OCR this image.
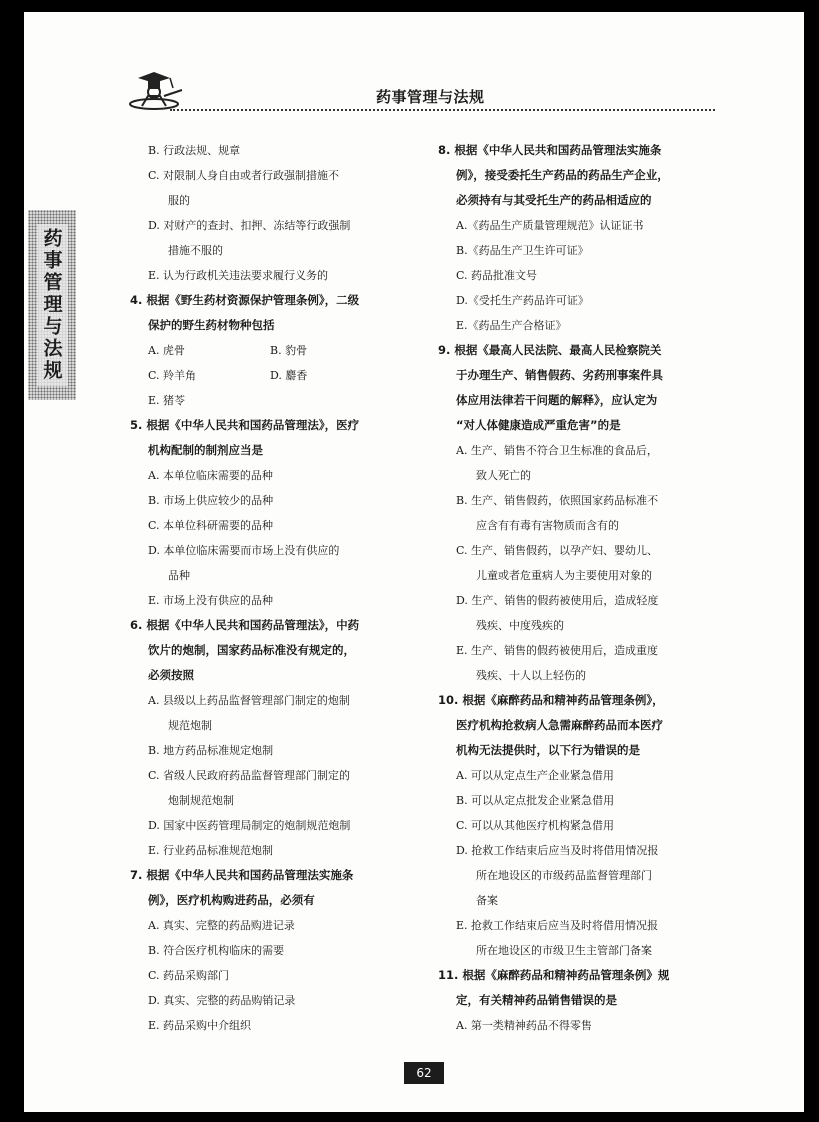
药事管理与法规
药事管理与法规
B. 行政法规、规章
C. 对限制人身自由或者行政强制措施不
服的
D. 对财产的查封、扣押、冻结等行政强制
措施不服的
E. 认为行政机关违法要求履行义务的
4. 根据《野生药材资源保护管理条例》，二级
保护的野生药材物种包括
A. 虎骨	B. 豹骨
C. 羚羊角	D. 麝香
E. 猪苓
5. 根据《中华人民共和国药品管理法》，医疗
机构配制的制剂应当是
A. 本单位临床需要的品种
B. 市场上供应较少的品种
C. 本单位科研需要的品种
D. 本单位临床需要而市场上没有供应的
品种
E. 市场上没有供应的品种
6. 根据《中华人民共和国药品管理法》，中药
饮片的炮制，国家药品标准没有规定的，
必须按照
A. 县级以上药品监督管理部门制定的炮制
规范炮制
B. 地方药品标准规定炮制
C. 省级人民政府药品监督管理部门制定的
炮制规范炮制
D. 国家中医药管理局制定的炮制规范炮制
E. 行业药品标准规范炮制
7. 根据《中华人民共和国药品管理法实施条
例》，医疗机构购进药品，必须有
A. 真实、完整的药品购进记录
B. 符合医疗机构临床的需要
C. 药品采购部门
D. 真实、完整的药品购销记录
E. 药品采购中介组织
8. 根据《中华人民共和国药品管理法实施条
例》，接受委托生产药品的药品生产企业，
必须持有与其受托生产的药品相适应的
A.《药品生产质量管理规范》认证证书
B.《药品生产卫生许可证》
C. 药品批准文号
D.《受托生产药品许可证》
E.《药品生产合格证》
9. 根据《最高人民法院、最高人民检察院关
于办理生产、销售假药、劣药刑事案件具
体应用法律若干问题的解释》，应认定为
“对人体健康造成严重危害”的是
A. 生产、销售不符合卫生标准的食品后，
致人死亡的
B. 生产、销售假药，依照国家药品标准不
应含有有毒有害物质而含有的
C. 生产、销售假药，以孕产妇、婴幼儿、
儿童或者危重病人为主要使用对象的
D. 生产、销售的假药被使用后，造成轻度
残疾、中度残疾的
E. 生产、销售的假药被使用后，造成重度
残疾、十人以上轻伤的
10. 根据《麻醉药品和精神药品管理条例》，
医疗机构抢救病人急需麻醉药品而本医疗
机构无法提供时，以下行为错误的是
A. 可以从定点生产企业紧急借用
B. 可以从定点批发企业紧急借用
C. 可以从其他医疗机构紧急借用
D. 抢救工作结束后应当及时将借用情况报
所在地设区的市级药品监督管理部门
备案
E. 抢救工作结束后应当及时将借用情况报
所在地设区的市级卫生主管部门备案
11. 根据《麻醉药品和精神药品管理条例》规
定，有关精神药品销售错误的是
A. 第一类精神药品不得零售
62
